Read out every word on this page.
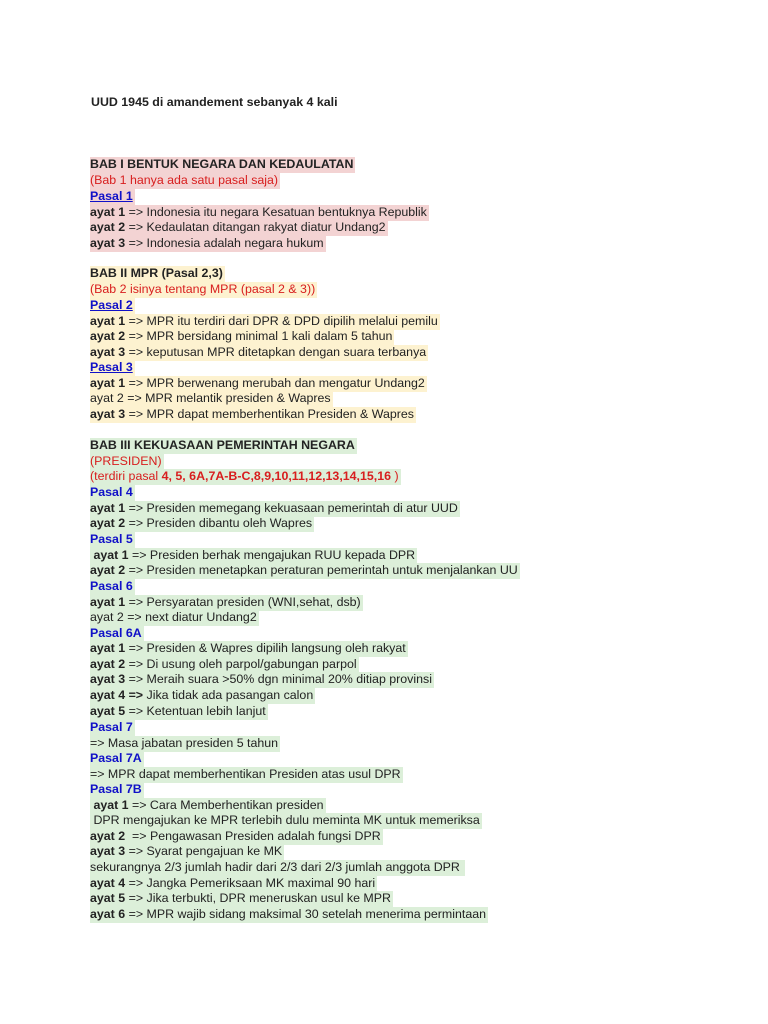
UUD 1945 di amandement sebanyak 4 kali
BAB I BENTUK NEGARA DAN KEDAULATAN
(Bab 1 hanya ada satu pasal saja)
Pasal 1
ayat 1 => Indonesia itu negara Kesatuan bentuknya Republik
ayat 2 => Kedaulatan ditangan rakyat diatur Undang2
ayat 3 => Indonesia adalah negara hukum
BAB II MPR (Pasal 2,3)
(Bab 2 isinya tentang MPR (pasal 2 & 3))
Pasal 2
ayat 1 => MPR itu terdiri dari DPR & DPD dipilih melalui pemilu
ayat 2 => MPR bersidang minimal 1 kali dalam 5 tahun
ayat 3 => keputusan MPR ditetapkan dengan suara terbanya
Pasal 3
ayat 1 => MPR berwenang merubah dan mengatur Undang2
ayat 2 => MPR melantik presiden & Wapres
ayat 3 => MPR dapat memberhentikan Presiden & Wapres
BAB III KEKUASAAN PEMERINTAH NEGARA
(PRESIDEN)
(terdiri pasal 4, 5, 6A,7A-B-C,8,9,10,11,12,13,14,15,16 )
Pasal 4
ayat 1 => Presiden memegang kekuasaan pemerintah di atur UUD
ayat 2 => Presiden dibantu oleh Wapres
Pasal 5
ayat 1 => Presiden berhak mengajukan RUU kepada DPR
ayat 2 => Presiden menetapkan peraturan pemerintah untuk menjalankan UU
Pasal 6
ayat 1 => Persyaratan presiden (WNI,sehat, dsb)
ayat 2 => next diatur Undang2
Pasal 6A
ayat 1 => Presiden & Wapres dipilih langsung oleh rakyat
ayat 2 => Di usung oleh parpol/gabungan parpol
ayat 3 => Meraih suara >50% dgn minimal 20% ditiap provinsi
ayat 4 => Jika tidak ada pasangan calon
ayat 5 => Ketentuan lebih lanjut
Pasal 7
=> Masa jabatan presiden 5 tahun
Pasal 7A
=> MPR dapat memberhentikan Presiden atas usul DPR
Pasal 7B
ayat 1 => Cara Memberhentikan presiden
DPR mengajukan ke MPR terlebih dulu meminta MK untuk memeriksa
ayat 2  => Pengawasan Presiden adalah fungsi DPR
ayat 3 => Syarat pengajuan ke MK
sekurangnya 2/3 jumlah hadir dari 2/3 dari 2/3 jumlah anggota DPR
ayat 4 => Jangka Pemeriksaan MK maximal 90 hari
ayat 5 => Jika terbukti, DPR meneruskan usul ke MPR
ayat 6 => MPR wajib sidang maksimal 30 setelah menerima permintaan
